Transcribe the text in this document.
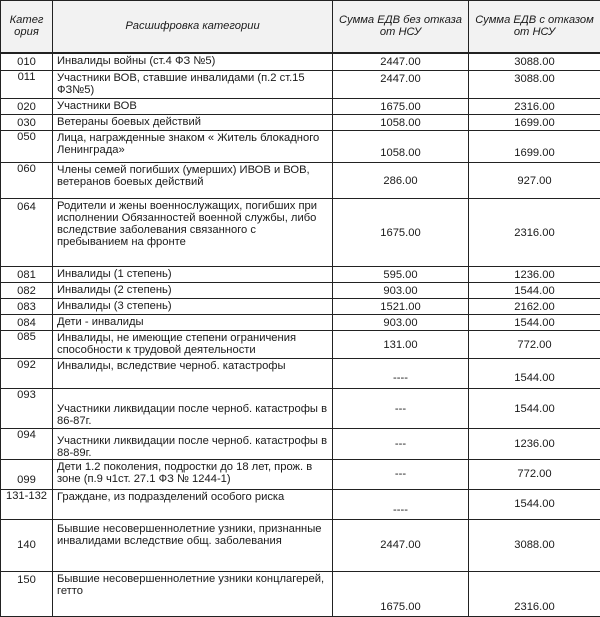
Катег ория	Расшифровка категории	Сумма ЕДВ без отказа от НСУ	Сумма ЕДВ с отказом от НСУ
010	Инвалиды войны (ст.4 ФЗ №5)	2447.00	3088.00
011	Участники ВОВ, ставшие инвалидами (п.2 ст.15 ФЗ№5)	2447.00	3088.00
020	Участники ВОВ	1675.00	2316.00
030	Ветераны боевых действий	1058.00	1699.00
050	Лица, награжденные знаком « Житель блокадного Ленинграда»	1058.00	1699.00
060	Члены семей погибших (умерших) ИВОВ и ВОВ, ветеранов боевых действий	286.00	927.00
064	Родители и жены военнослужащих, погибших при исполнении Обязанностей военной службы, либо вследствие заболевания связанного с пребыванием на фронте	1675.00	2316.00
081	Инвалиды (1 степень)	595.00	1236.00
082	Инвалиды (2 степень)	903.00	1544.00
083	Инвалиды (3 степень)	1521.00	2162.00
084	Дети - инвалиды	903.00	1544.00
085	Инвалиды, не имеющие степени ограничения способности к трудовой деятельности	131.00	772.00
092	Инвалиды, вследствие черноб. катастрофы	----	1544.00
093	Участники ликвидации после черноб. катастрофы в 86-87г.	---	1544.00
094	Участники ликвидации после черноб. катастрофы в 88-89г.	---	1236.00
099	Дети 1.2 поколения, подростки до 18 лет, прож. в зоне (п.9 ч1ст. 27.1 ФЗ № 1244-1)	---	772.00
131-132	Граждане, из подразделений особого риска	----	1544.00
140	Бывшие несовершеннолетние узники, признанные инвалидами вследствие общ. заболевания	2447.00	3088.00
150	Бывшие несовершеннолетние узники концлагерей, гетто	1675.00	2316.00
